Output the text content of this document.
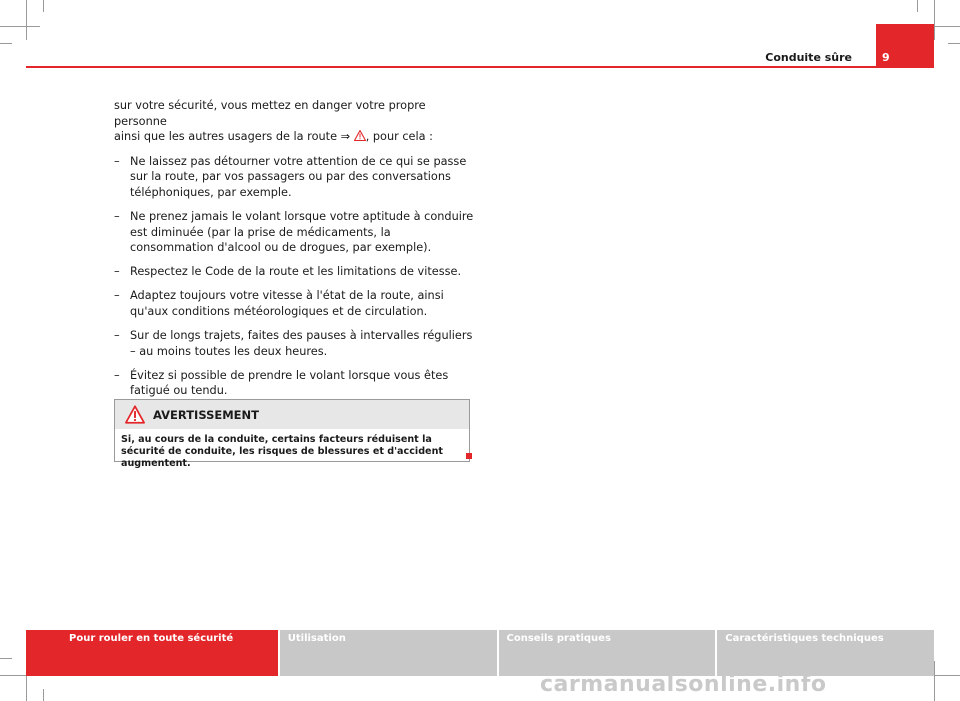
Conduite sûre	9

sur votre sécurité, vous mettez en danger votre propre personne
ainsi que les autres usagers de la route ⇒ , pour cela :

– Ne laissez pas détourner votre attention de ce qui se passe sur la route, par vos passagers ou par des conversations téléphoniques, par exemple.
– Ne prenez jamais le volant lorsque votre aptitude à conduire est diminuée (par la prise de médicaments, la consommation d'alcool ou de drogues, par exemple).
– Respectez le Code de la route et les limitations de vitesse.
– Adaptez toujours votre vitesse à l'état de la route, ainsi qu'aux conditions météorologiques et de circulation.
– Sur de longs trajets, faites des pauses à intervalles réguliers – au moins toutes les deux heures.
– Évitez si possible de prendre le volant lorsque vous êtes fatigué ou tendu.
AVERTISSEMENT
Si, au cours de la conduite, certains facteurs réduisent la sécurité de conduite, les risques de blessures et d'accident augmentent.
Pour rouler en toute sécurité	Utilisation	Conseils pratiques	Caractéristiques techniques
carmanualsonline.info
